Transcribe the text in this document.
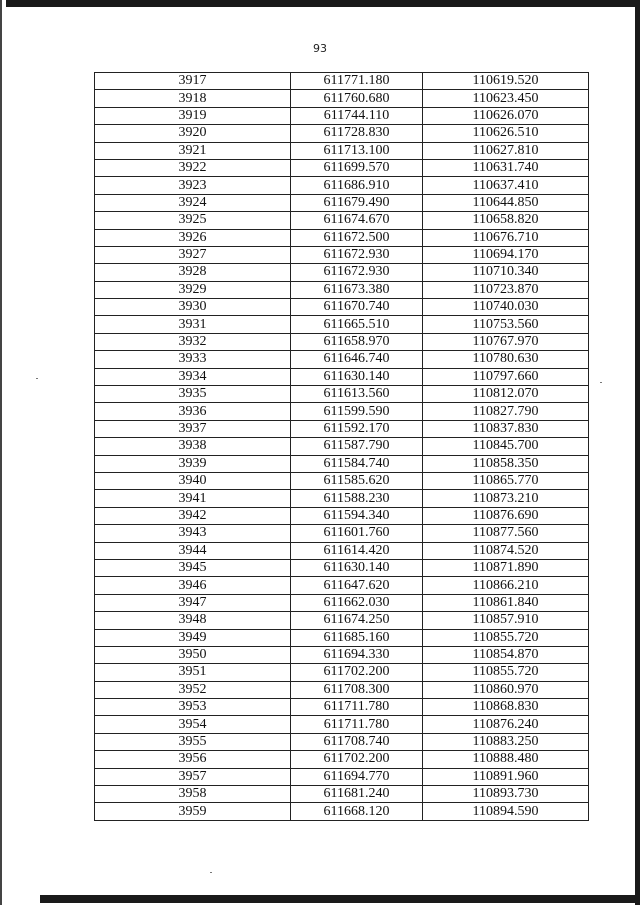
93
3917	611771.180	110619.520
3918	611760.680	110623.450
3919	611744.110	110626.070
3920	611728.830	110626.510
3921	611713.100	110627.810
3922	611699.570	110631.740
3923	611686.910	110637.410
3924	611679.490	110644.850
3925	611674.670	110658.820
3926	611672.500	110676.710
3927	611672.930	110694.170
3928	611672.930	110710.340
3929	611673.380	110723.870
3930	611670.740	110740.030
3931	611665.510	110753.560
3932	611658.970	110767.970
3933	611646.740	110780.630
3934	611630.140	110797.660
3935	611613.560	110812.070
3936	611599.590	110827.790
3937	611592.170	110837.830
3938	611587.790	110845.700
3939	611584.740	110858.350
3940	611585.620	110865.770
3941	611588.230	110873.210
3942	611594.340	110876.690
3943	611601.760	110877.560
3944	611614.420	110874.520
3945	611630.140	110871.890
3946	611647.620	110866.210
3947	611662.030	110861.840
3948	611674.250	110857.910
3949	611685.160	110855.720
3950	611694.330	110854.870
3951	611702.200	110855.720
3952	611708.300	110860.970
3953	611711.780	110868.830
3954	611711.780	110876.240
3955	611708.740	110883.250
3956	611702.200	110888.480
3957	611694.770	110891.960
3958	611681.240	110893.730
3959	611668.120	110894.590
